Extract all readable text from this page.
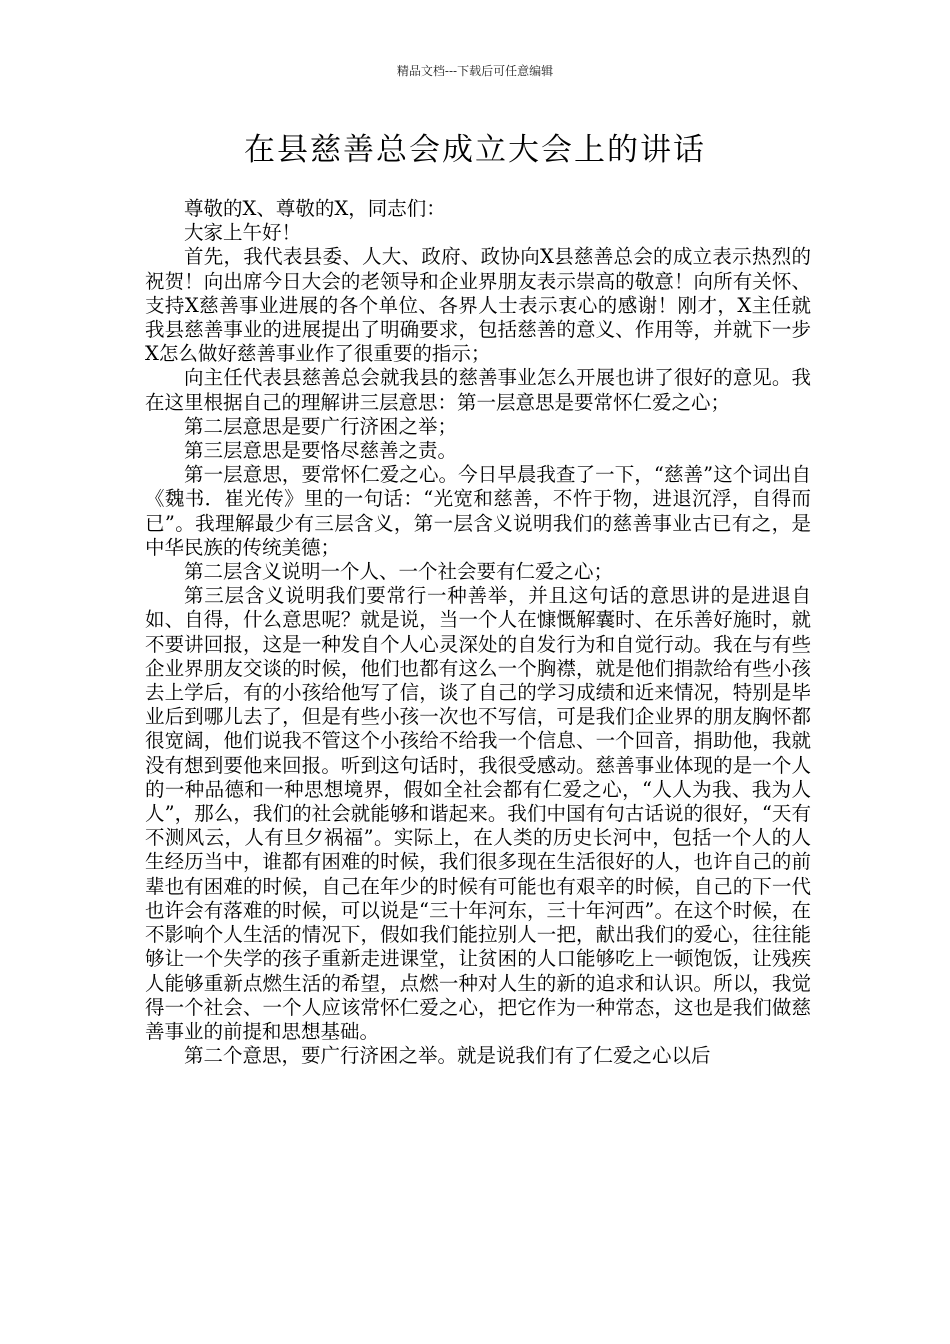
精品文档---下载后可任意编辑
在县慈善总会成立大会上的讲话

尊敬的X、尊敬的X，同志们：

大家上午好！

首先，我代表县委、人大、政府、政协向X县慈善总会的成立表示热烈的祝贺！向出席今日大会的老领导和企业界朋友表示崇高的敬意！向所有关怀、支持X慈善事业进展的各个单位、各界人士表示衷心的感谢！刚才，X主任就我县慈善事业的进展提出了明确要求，包括慈善的意义、作用等，并就下一步X怎么做好慈善事业作了很重要的指示；

向主任代表县慈善总会就我县的慈善事业怎么开展也讲了很好的意见。我在这里根据自己的理解讲三层意思：第一层意思是要常怀仁爱之心；

第二层意思是要广行济困之举；

第三层意思是要恪尽慈善之责。

第一层意思，要常怀仁爱之心。今日早晨我查了一下，“慈善”这个词出自《魏书．崔光传》里的一句话：“光宽和慈善，不忤于物，进退沉浮，自得而已”。我理解最少有三层含义，第一层含义说明我们的慈善事业古已有之，是中华民族的传统美德；

第二层含义说明一个人、一个社会要有仁爱之心；

第三层含义说明我们要常行一种善举，并且这句话的意思讲的是进退自如、自得，什么意思呢？就是说，当一个人在慷慨解囊时、在乐善好施时，就不要讲回报，这是一种发自个人心灵深处的自发行为和自觉行动。我在与有些企业界朋友交谈的时候，他们也都有这么一个胸襟，就是他们捐款给有些小孩去上学后，有的小孩给他写了信，谈了自己的学习成绩和近来情况，特别是毕业后到哪儿去了，但是有些小孩一次也不写信，可是我们企业界的朋友胸怀都很宽阔，他们说我不管这个小孩给不给我一个信息、一个回音，捐助他，我就没有想到要他来回报。听到这句话时，我很受感动。慈善事业体现的是一个人的一种品德和一种思想境界，假如全社会都有仁爱之心，“人人为我、我为人人”，那么，我们的社会就能够和谐起来。我们中国有句古话说的很好，“天有不测风云，人有旦夕祸福”。实际上，在人类的历史长河中，包括一个人的人生经历当中，谁都有困难的时候，我们很多现在生活很好的人，也许自己的前辈也有困难的时候，自己在年少的时候有可能也有艰辛的时候，自己的下一代也许会有落难的时候，可以说是“三十年河东，三十年河西”。在这个时候，在不影响个人生活的情况下，假如我们能拉别人一把，献出我们的爱心，往往能够让一个失学的孩子重新走进课堂，让贫困的人口能够吃上一顿饱饭，让残疾人能够重新点燃生活的希望，点燃一种对人生的新的追求和认识。所以，我觉得一个社会、一个人应该常怀仁爱之心，把它作为一种常态，这也是我们做慈善事业的前提和思想基础。

第二个意思，要广行济困之举。就是说我们有了仁爱之心以后
